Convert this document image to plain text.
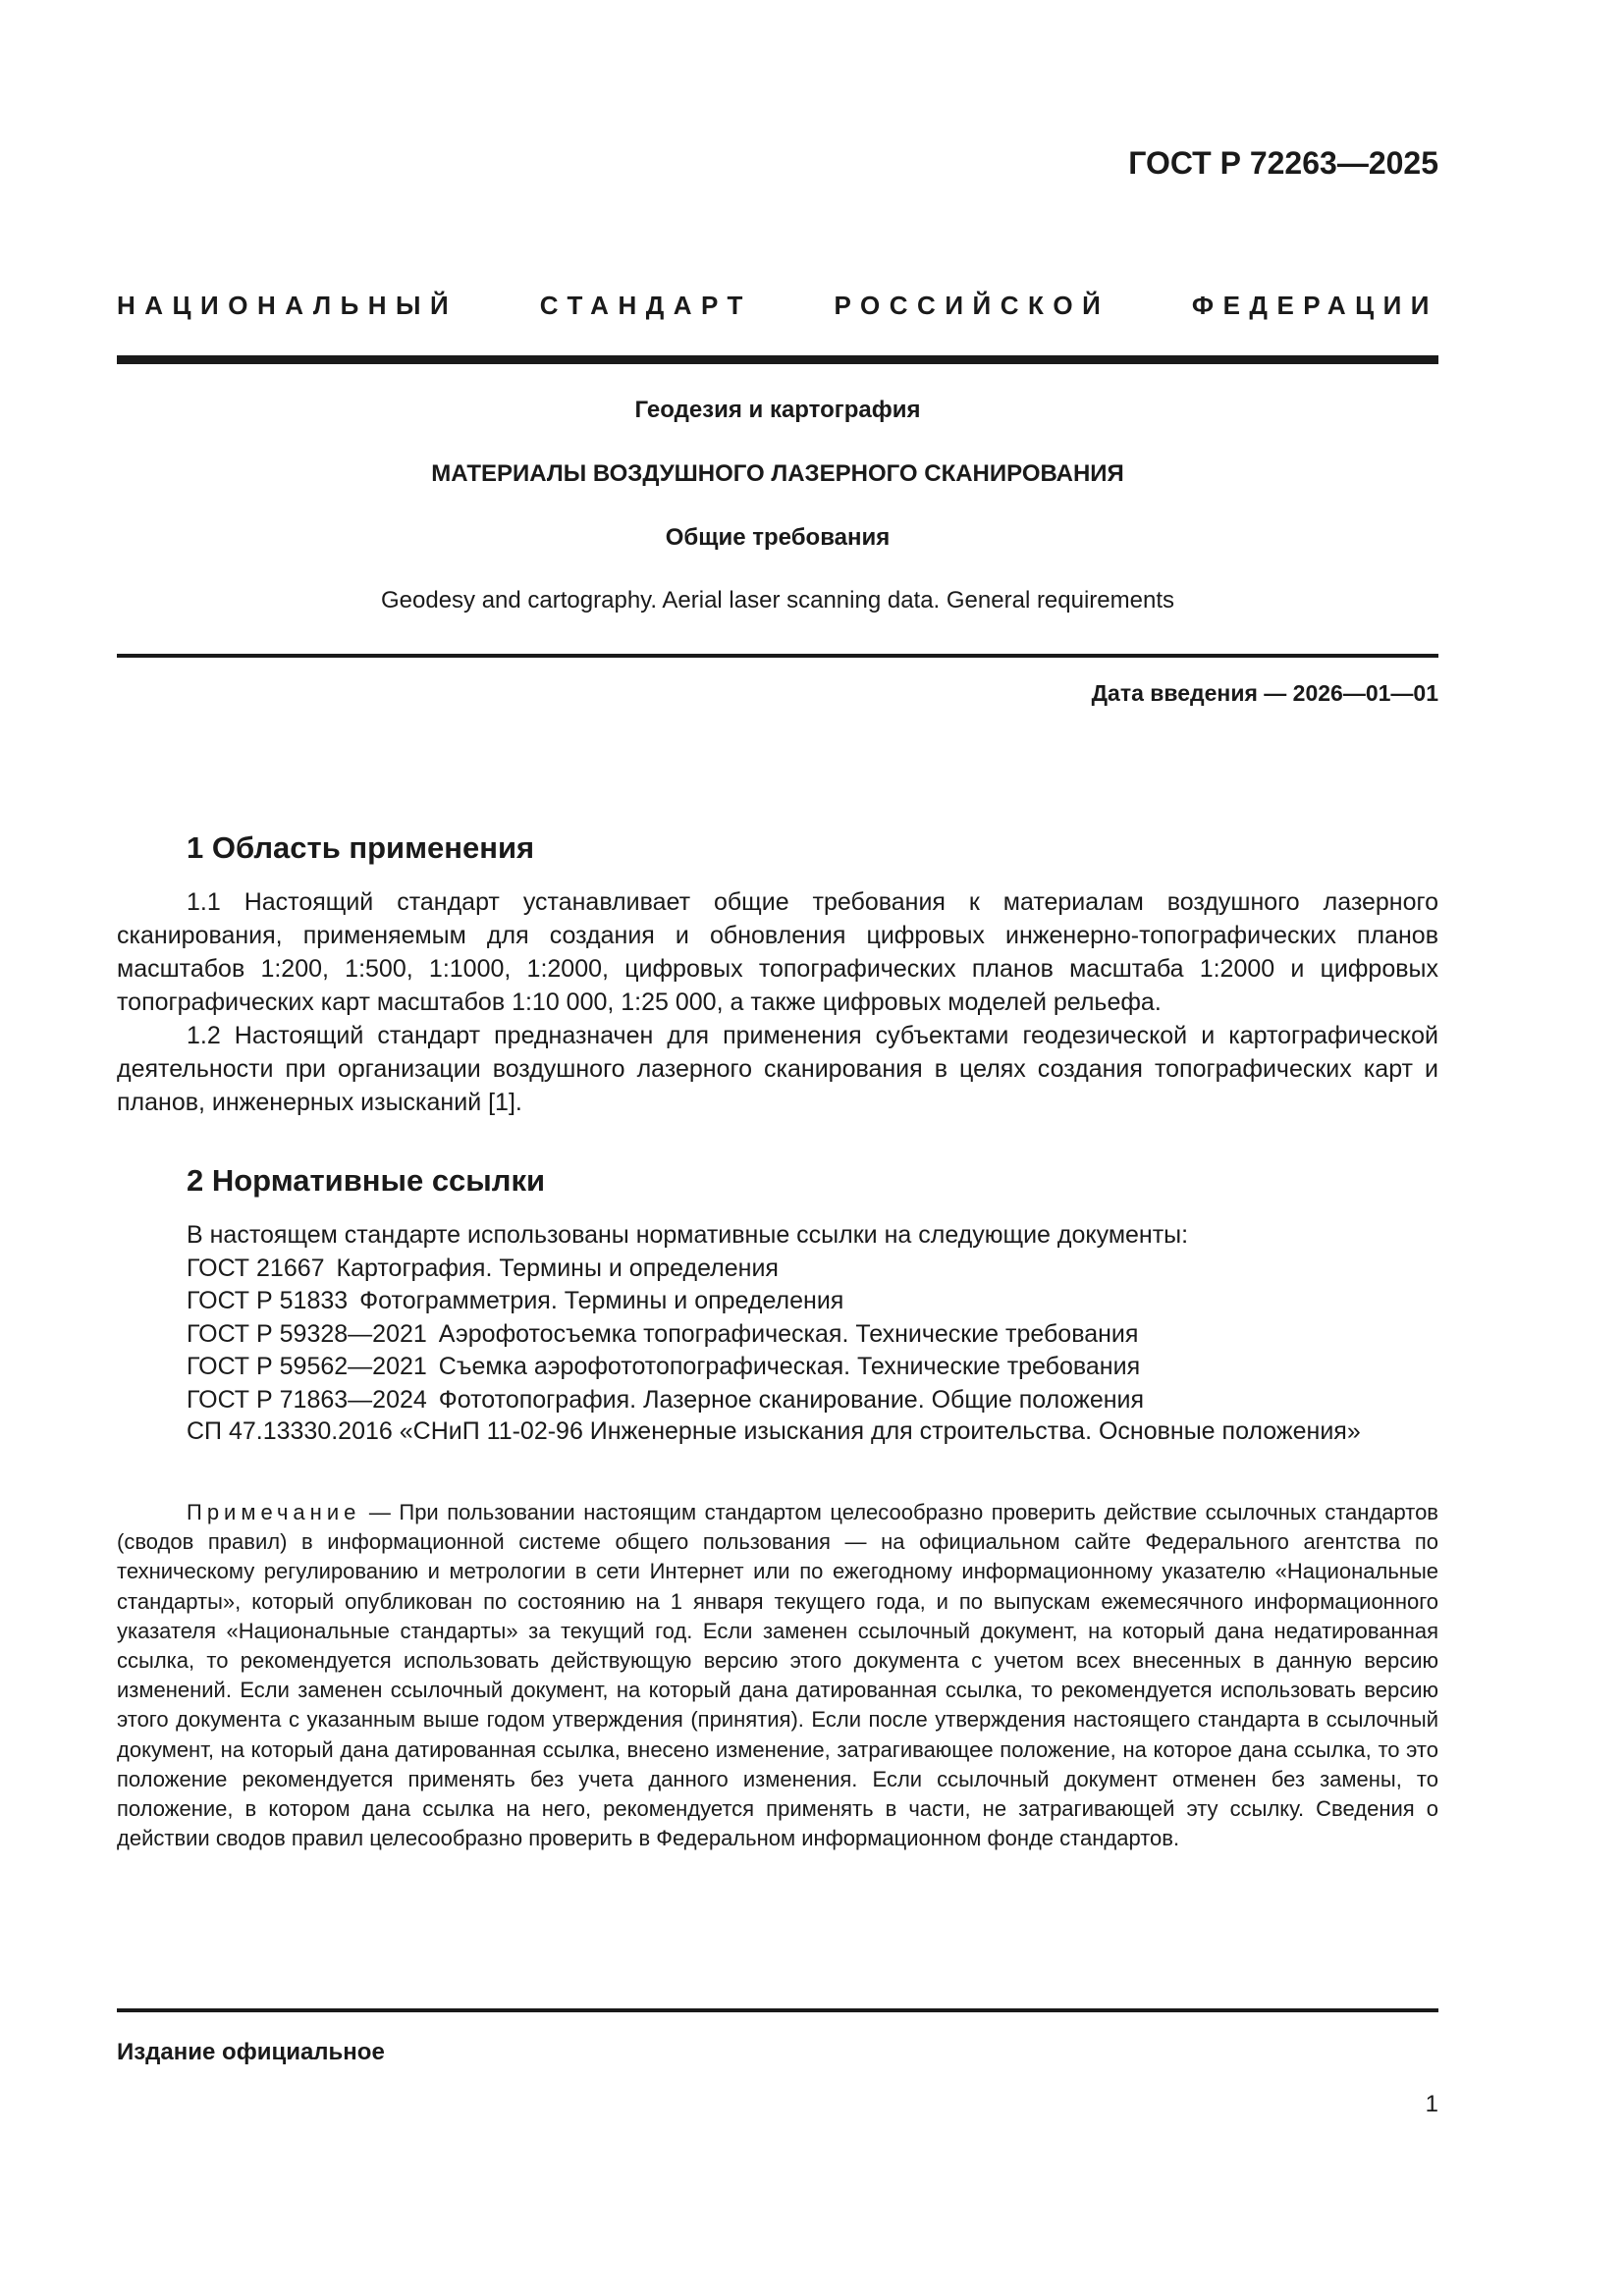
ГОСТ Р 72263—2025

НАЦИОНАЛЬНЫЙ СТАНДАРТ РОССИЙСКОЙ ФЕДЕРАЦИИ

Геодезия и картография

МАТЕРИАЛЫ ВОЗДУШНОГО ЛАЗЕРНОГО СКАНИРОВАНИЯ

Общие требования

Geodesy and cartography. Aerial laser scanning data. General requirements

Дата введения — 2026—01—01

1 Область применения

1.1 Настоящий стандарт устанавливает общие требования к материалам воздушного лазерного сканирования, применяемым для создания и обновления цифровых инженерно-топографических планов масштабов 1:200, 1:500, 1:1000, 1:2000, цифровых топографических планов масштаба 1:2000 и цифровых топографических карт масштабов 1:10 000, 1:25 000, а также цифровых моделей рельефа.

1.2 Настоящий стандарт предназначен для применения субъектами геодезической и картографической деятельности при организации воздушного лазерного сканирования в целях создания топографических карт и планов, инженерных изысканий [1].

2 Нормативные ссылки
В настоящем стандарте использованы нормативные ссылки на следующие документы:
ГОСТ 21667 Картография. Термины и определения
ГОСТ Р 51833 Фотограмметрия. Термины и определения
ГОСТ Р 59328—2021 Аэрофотосъемка топографическая. Технические требования
ГОСТ Р 59562—2021 Съемка аэрофототопографическая. Технические требования
ГОСТ Р 71863—2024 Фототопография. Лазерное сканирование. Общие положения

СП 47.13330.2016 «СНиП 11-02-96 Инженерные изыскания для строительства. Основные положения»

Примечание — При пользовании настоящим стандартом целесообразно проверить действие ссылочных стандартов (сводов правил) в информационной системе общего пользования — на официальном сайте Федерального агентства по техническому регулированию и метрологии в сети Интернет или по ежегодному информационному указателю «Национальные стандарты», который опубликован по состоянию на 1 января текущего года, и по выпускам ежемесячного информационного указателя «Национальные стандарты» за текущий год. Если заменен ссылочный документ, на который дана недатированная ссылка, то рекомендуется использовать действующую версию этого документа с учетом всех внесенных в данную версию изменений. Если заменен ссылочный документ, на который дана датированная ссылка, то рекомендуется использовать версию этого документа с указанным выше годом утверждения (принятия). Если после утверждения настоящего стандарта в ссылочный документ, на который дана датированная ссылка, внесено изменение, затрагивающее положение, на которое дана ссылка, то это положение рекомендуется применять без учета данного изменения. Если ссылочный документ отменен без замены, то положение, в котором дана ссылка на него, рекомендуется применять в части, не затрагивающей эту ссылку. Сведения о действии сводов правил целесообразно проверить в Федеральном информационном фонде стандартов.

Издание официальное

1
